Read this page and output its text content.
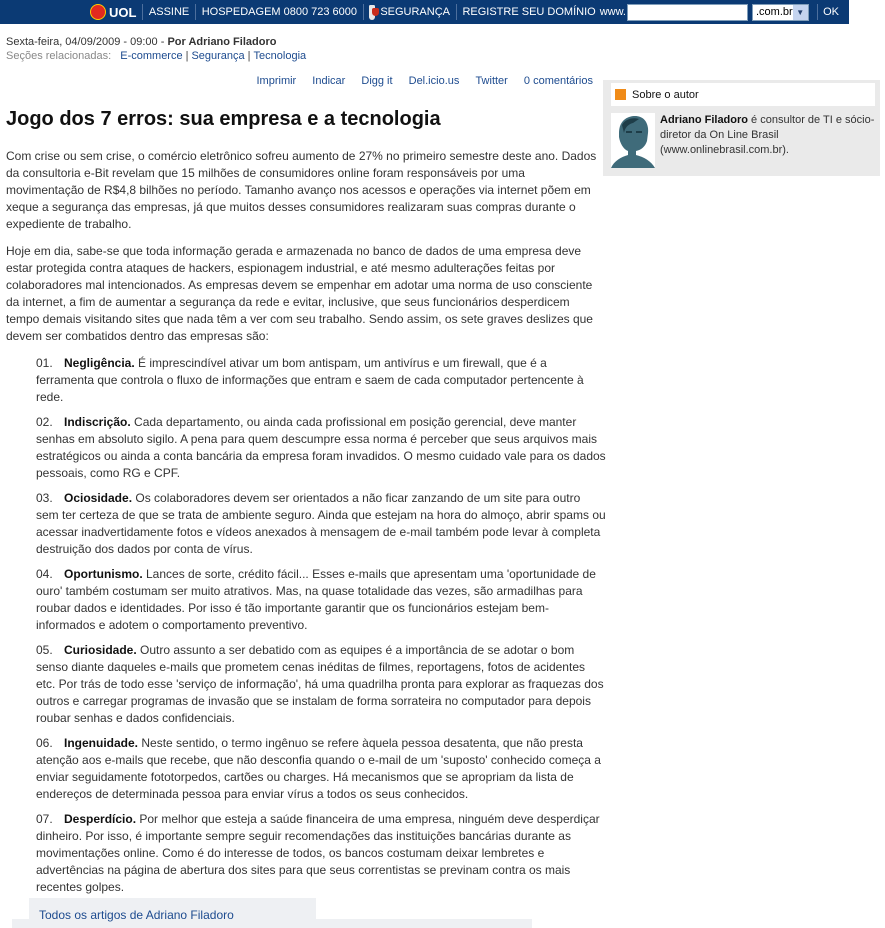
UOL ASSINE HOSPEDAGEM 0800 723 6000 SEGURANÇA REGISTRE SEU DOMÍNIO www.	.com.br ▼	OK
Sexta-feira, 04/09/2009 - 09:00 - Por Adriano Filadoro
Seções relacionadas: E-commerce | Segurança | Tecnologia
Imprimir Indicar Digg it Del.icio.us Twitter 0 comentários
Jogo dos 7 erros: sua empresa e a tecnologia

Com crise ou sem crise, o comércio eletrônico sofreu aumento de 27% no primeiro semestre deste ano. Dados da consultoria e-Bit revelam que 15 milhões de consumidores online foram responsáveis por uma movimentação de R$4,8 bilhões no período. Tamanho avanço nos acessos e operações via internet põem em xeque a segurança das empresas, já que muitos desses consumidores realizaram suas compras durante o expediente de trabalho.

Hoje em dia, sabe-se que toda informação gerada e armazenada no banco de dados de uma empresa deve estar protegida contra ataques de hackers, espionagem industrial, e até mesmo adulterações feitas por colaboradores mal intencionados. As empresas devem se empenhar em adotar uma norma de uso consciente da internet, a fim de aumentar a segurança da rede e evitar, inclusive, que seus funcionários desperdicem tempo demais visitando sites que nada têm a ver com seu trabalho. Sendo assim, os sete graves deslizes que devem ser combatidos dentro das empresas são:

01. Negligência. É imprescindível ativar um bom antispam, um antivírus e um firewall, que é a ferramenta que controla o fluxo de informações que entram e saem de cada computador pertencente à rede.
02. Indiscrição. Cada departamento, ou ainda cada profissional em posição gerencial, deve manter senhas em absoluto sigilo. A pena para quem descumpre essa norma é perceber que seus arquivos mais estratégicos ou ainda a conta bancária da empresa foram invadidos. O mesmo cuidado vale para os dados pessoais, como RG e CPF.
03. Ociosidade. Os colaboradores devem ser orientados a não ficar zanzando de um site para outro sem ter certeza de que se trata de ambiente seguro. Ainda que estejam na hora do almoço, abrir spams ou acessar inadvertidamente fotos e vídeos anexados à mensagem de e-mail também pode levar à completa destruição dos dados por conta de vírus.
04. Oportunismo. Lances de sorte, crédito fácil... Esses e-mails que apresentam uma 'oportunidade de ouro' também costumam ser muito atrativos. Mas, na quase totalidade das vezes, são armadilhas para roubar dados e identidades. Por isso é tão importante garantir que os funcionários estejam bem-informados e adotem o comportamento preventivo.
05. Curiosidade. Outro assunto a ser debatido com as equipes é a importância de se adotar o bom senso diante daqueles e-mails que prometem cenas inéditas de filmes, reportagens, fotos de acidentes etc. Por trás de todo esse 'serviço de informação', há uma quadrilha pronta para explorar as fraquezas dos outros e carregar programas de invasão que se instalam de forma sorrateira no computador para depois roubar senhas e dados confidenciais.
06. Ingenuidade. Neste sentido, o termo ingênuo se refere àquela pessoa desatenta, que não presta atenção aos e-mails que recebe, que não desconfia quando o e-mail de um 'suposto' conhecido começa a enviar seguidamente fototorpedos, cartões ou charges. Há mecanismos que se apropriam da lista de endereços de determinada pessoa para enviar vírus a todos os seus conhecidos.
07. Desperdício. Por melhor que esteja a saúde financeira de uma empresa, ninguém deve desperdiçar dinheiro. Por isso, é importante sempre seguir recomendações das instituições bancárias durante as movimentações online. Como é do interesse de todos, os bancos costumam deixar lembretes e advertências na página de abertura dos sites para que seus correntistas se previnam contra os mais recentes golpes.
Todos os artigos de Adriano Filadoro
Sobre o autor
Adriano Filadoro é consultor de TI e sócio-diretor da On Line Brasil (www.onlinebrasil.com.br).
